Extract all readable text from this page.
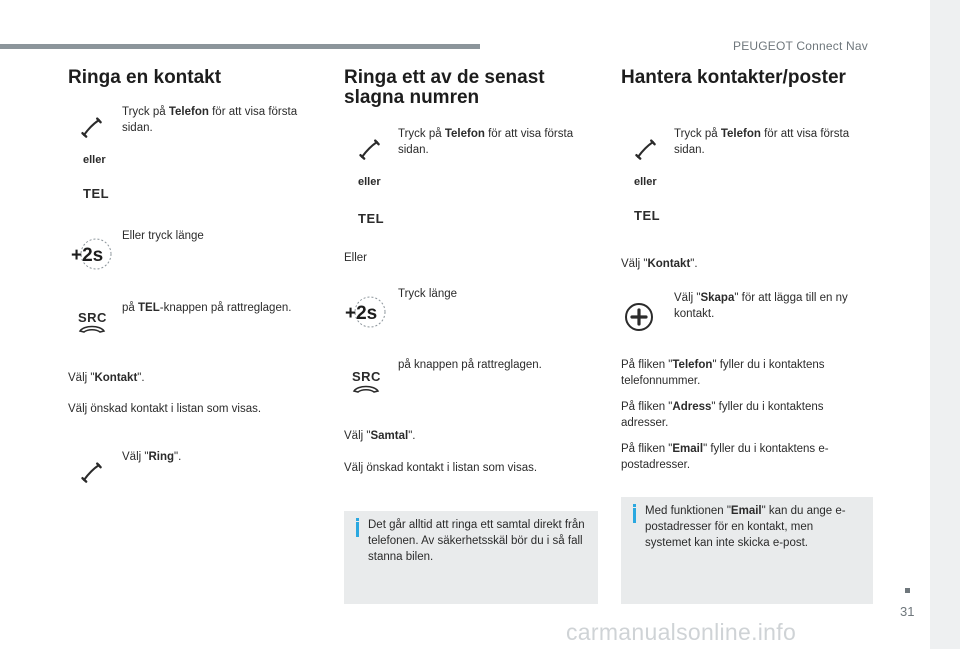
PEUGEOT Connect Nav
31
carmanualsonline.info
Ringa en kontakt
Tryck på Telefon för att visa första sidan.
eller
TEL
Eller tryck länge
+2s
SRC
på TEL-knappen på rattreglagen.
Välj "Kontakt".
Välj önskad kontakt i listan som visas.
Välj "Ring".
Ringa ett av de senast
slagna numren
Tryck på Telefon för att visa första sidan.
eller
TEL
Eller
Tryck länge
+2s
SRC
på knappen på rattreglagen.
Välj "Samtal".
Välj önskad kontakt i listan som visas.
Det går alltid att ringa ett samtal direkt från telefonen. Av säkerhetsskäl bör du i så fall stanna bilen.
Hantera kontakter/poster
Tryck på Telefon för att visa första sidan.
eller
TEL
Välj "Kontakt".
Välj "Skapa" för att lägga till en ny kontakt.
På fliken "Telefon" fyller du i kontaktens telefonnummer.
På fliken "Adress" fyller du i kontaktens adresser.
På fliken "Email" fyller du i kontaktens e-postadresser.
Med funktionen "Email" kan du ange e-postadresser för en kontakt, men systemet kan inte skicka e-post.
